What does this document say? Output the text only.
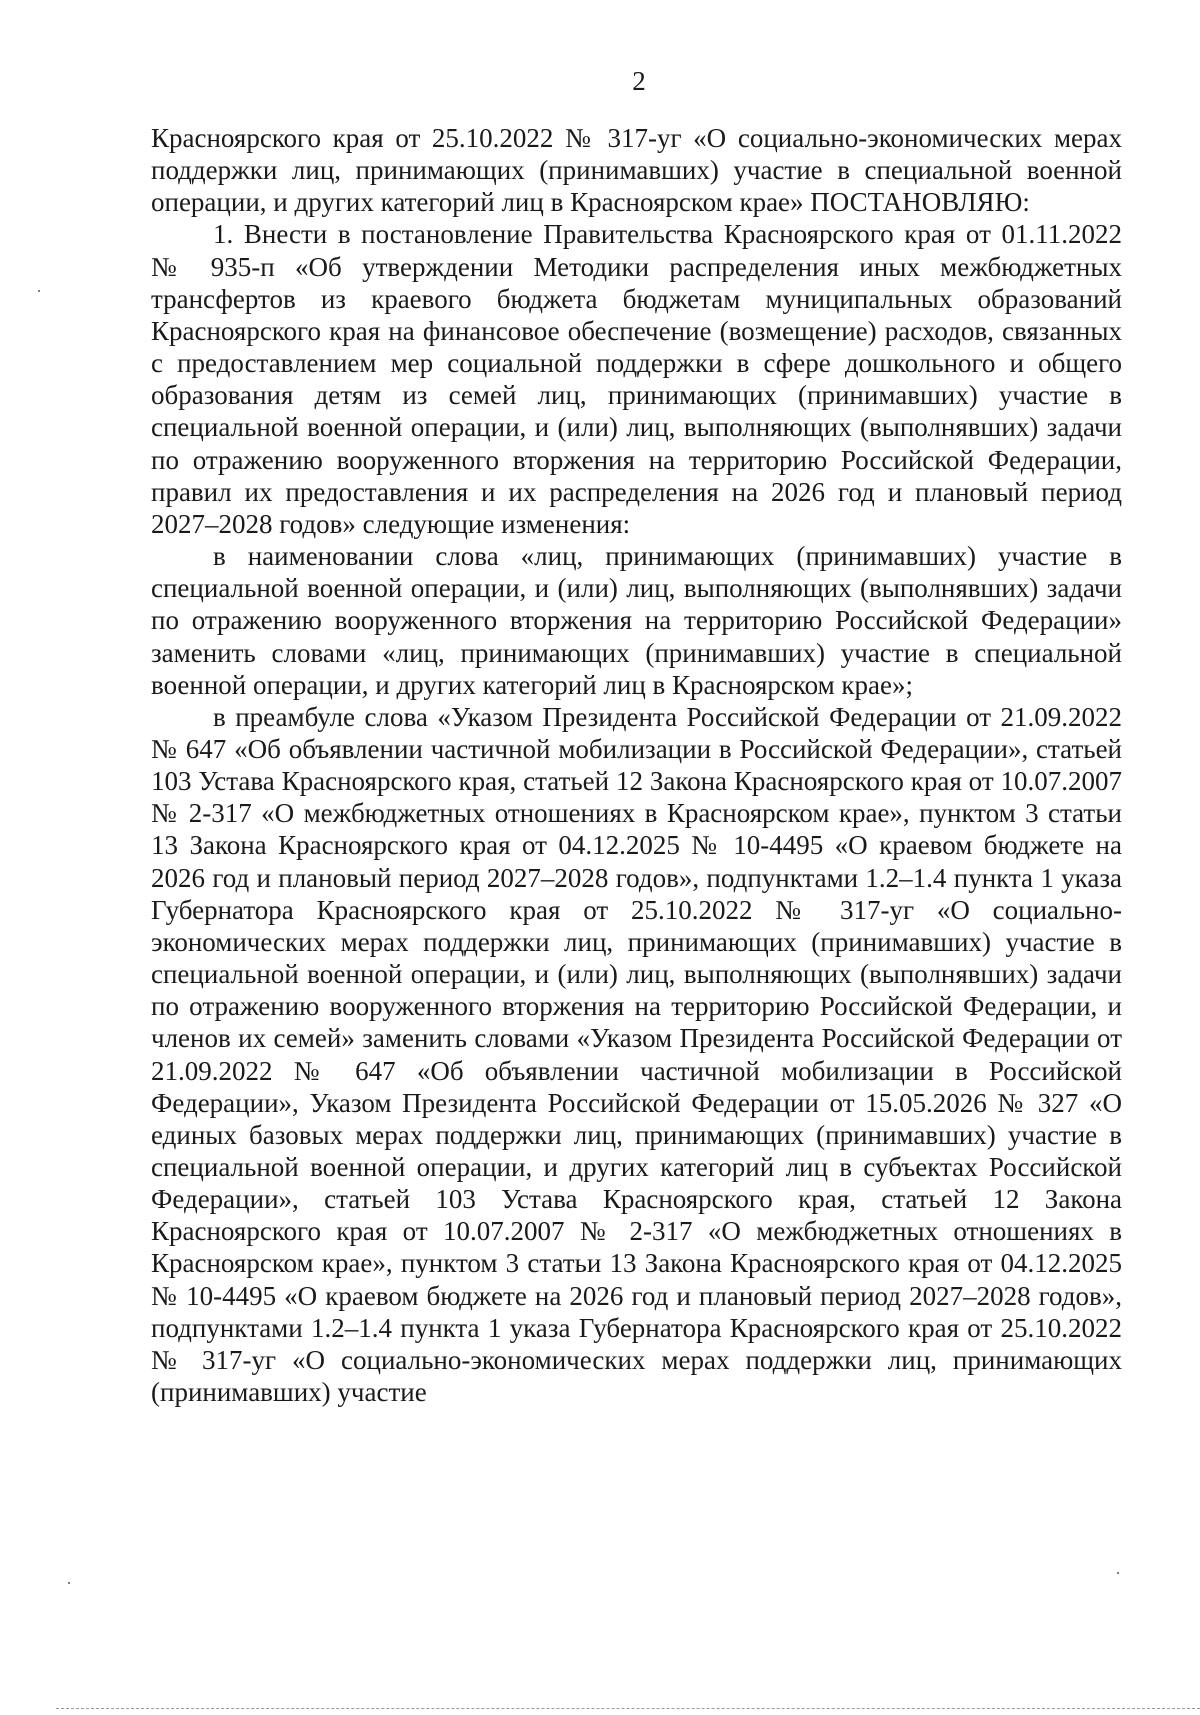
2

Красноярского края от 25.10.2022 № 317-уг «О социально-экономических мерах поддержки лиц, принимающих (принимавших) участие в специальной военной операции, и других категорий лиц в Красноярском крае» ПОСТАНОВЛЯЮ:

1. Внести в постановление Правительства Красноярского края от 01.11.2022 № 935-п «Об утверждении Методики распределения иных межбюджетных трансфертов из краевого бюджета бюджетам муниципальных образований Красноярского края на финансовое обеспечение (возмещение) расходов, связанных с предоставлением мер социальной поддержки в сфере дошкольного и общего образования детям из семей лиц, принимающих (принимавших) участие в специальной военной операции, и (или) лиц, выполняющих (выполнявших) задачи по отражению вооруженного вторжения на территорию Российской Федерации, правил их предоставления и их распределения на 2026 год и плановый период 2027–2028 годов» следующие изменения:

в наименовании слова «лиц, принимающих (принимавших) участие в специальной военной операции, и (или) лиц, выполняющих (выполнявших) задачи по отражению вооруженного вторжения на территорию Российской Федерации» заменить словами «лиц, принимающих (принимавших) участие в специальной военной операции, и других категорий лиц в Красноярском крае»;

в преамбуле слова «Указом Президента Российской Федерации от 21.09.2022 № 647 «Об объявлении частичной мобилизации в Российской Федерации», статьей 103 Устава Красноярского края, статьей 12 Закона Красноярского края от 10.07.2007 № 2-317 «О межбюджетных отношениях в Красноярском крае», пунктом 3 статьи 13 Закона Красноярского края от 04.12.2025 № 10-4495 «О краевом бюджете на 2026 год и плановый период 2027–2028 годов», подпунктами 1.2–1.4 пункта 1 указа Губернатора Красноярского края от 25.10.2022 № 317-уг «О социально-экономических мерах поддержки лиц, принимающих (принимавших) участие в специальной военной операции, и (или) лиц, выполняющих (выполнявших) задачи по отражению вооруженного вторжения на территорию Российской Федерации, и членов их семей» заменить словами «Указом Президента Российской Федерации от 21.09.2022 № 647 «Об объявлении частичной мобилизации в Российской Федерации», Указом Президента Российской Федерации от 15.05.2026 № 327 «О единых базовых мерах поддержки лиц, принимающих (принимавших) участие в специальной военной операции, и других категорий лиц в субъектах Российской Федерации», статьей 103 Устава Красноярского края, статьей 12 Закона Красноярского края от 10.07.2007 № 2-317 «О межбюджетных отношениях в Красноярском крае», пунктом 3 статьи 13 Закона Красноярского края от 04.12.2025 № 10-4495 «О краевом бюджете на 2026 год и плановый период 2027–2028 годов», подпунктами 1.2–1.4 пункта 1 указа Губернатора Красноярского края от 25.10.2022 № 317-уг «О социально-экономических мерах поддержки лиц, принимающих (принимавших) участие
